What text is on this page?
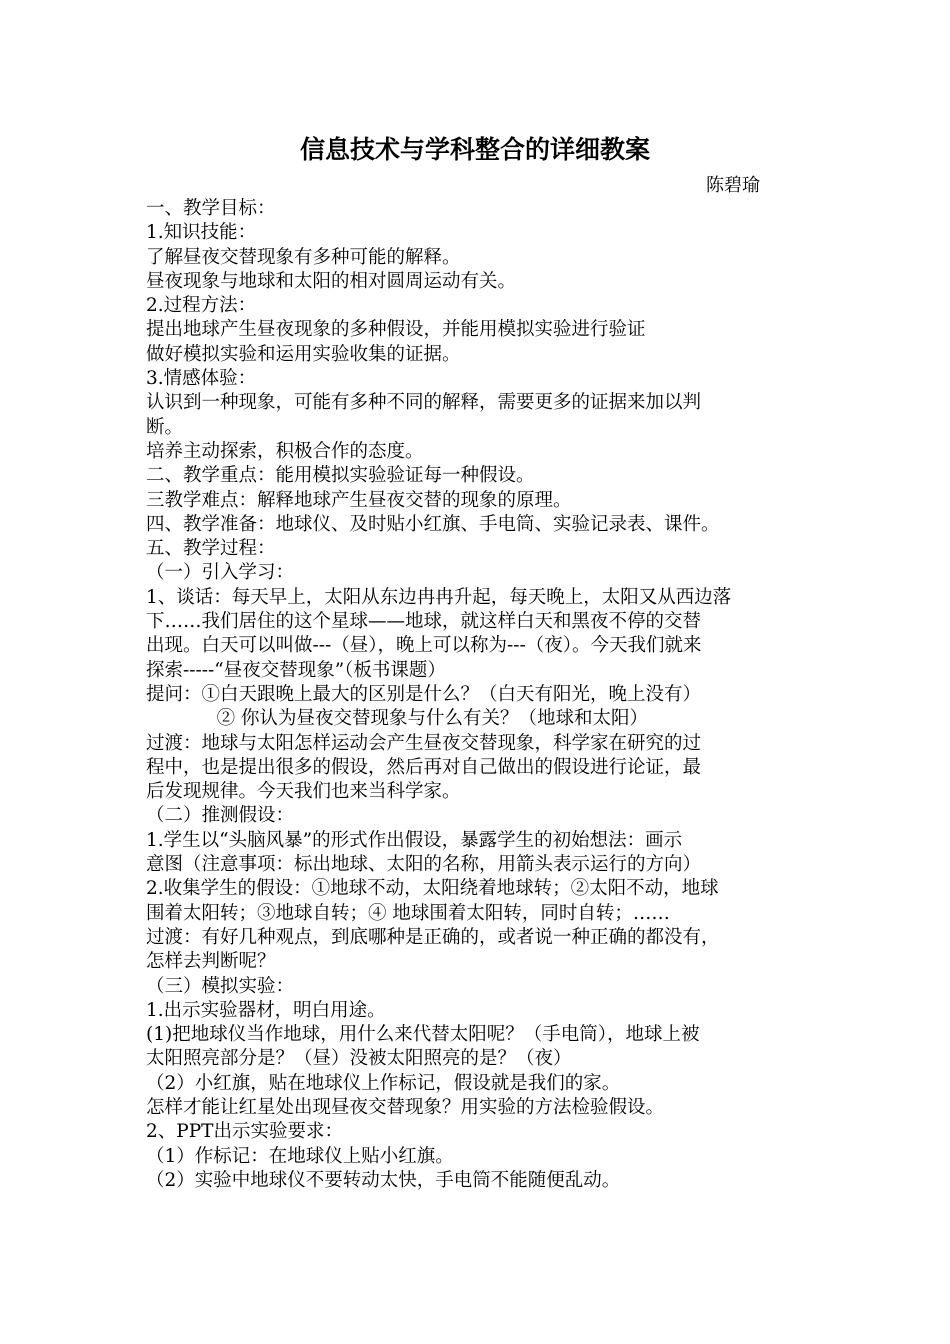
信息技术与学科整合的详细教案
陈碧瑜

一、教学目标：

1.知识技能：

了解昼夜交替现象有多种可能的解释。

昼夜现象与地球和太阳的相对圆周运动有关。

2.过程方法：

提出地球产生昼夜现象的多种假设，并能用模拟实验进行验证

做好模拟实验和运用实验收集的证据。

3.情感体验：

认识到一种现象，可能有多种不同的解释，需要更多的证据来加以判

断。

培养主动探索，积极合作的态度。

二、教学重点：能用模拟实验验证每一种假设。

三教学难点：解释地球产生昼夜交替的现象的原理。

四、教学准备：地球仪、及时贴小红旗、手电筒、实验记录表、课件。

五、教学过程：

（一）引入学习：

1、谈话：每天早上，太阳从东边冉冉升起，每天晚上，太阳又从西边落

下……我们居住的这个星球——地球，就这样白天和黑夜不停的交替

出现。白天可以叫做---（昼），晚上可以称为---（夜）。今天我们就来

探索-----“昼夜交替现象”（板书课题）

提问：①白天跟晚上最大的区别是什么？（白天有阳光，晚上没有）

② 你认为昼夜交替现象与什么有关？（地球和太阳）

过渡：地球与太阳怎样运动会产生昼夜交替现象，科学家在研究的过

程中，也是提出很多的假设，然后再对自己做出的假设进行论证，最

后发现规律。今天我们也来当科学家。

（二）推测假设：

1.学生以“头脑风暴”的形式作出假设，暴露学生的初始想法：画示

意图（注意事项：标出地球、太阳的名称，用箭头表示运行的方向）

2.收集学生的假设：①地球不动，太阳绕着地球转；②太阳不动，地球

围着太阳转；③地球自转；④ 地球围着太阳转，同时自转；……

过渡：有好几种观点，到底哪种是正确的，或者说一种正确的都没有，

怎样去判断呢？

（三）模拟实验：

1.出示实验器材，明白用途。

(1)把地球仪当作地球，用什么来代替太阳呢？（手电筒），地球上被

太阳照亮部分是？（昼）没被太阳照亮的是？（夜）

（2）小红旗，贴在地球仪上作标记，假设就是我们的家。

怎样才能让红星处出现昼夜交替现象？用实验的方法检验假设。

2、PPT出示实验要求：

（1）作标记：在地球仪上贴小红旗。

（2）实验中地球仪不要转动太快，手电筒不能随便乱动。
